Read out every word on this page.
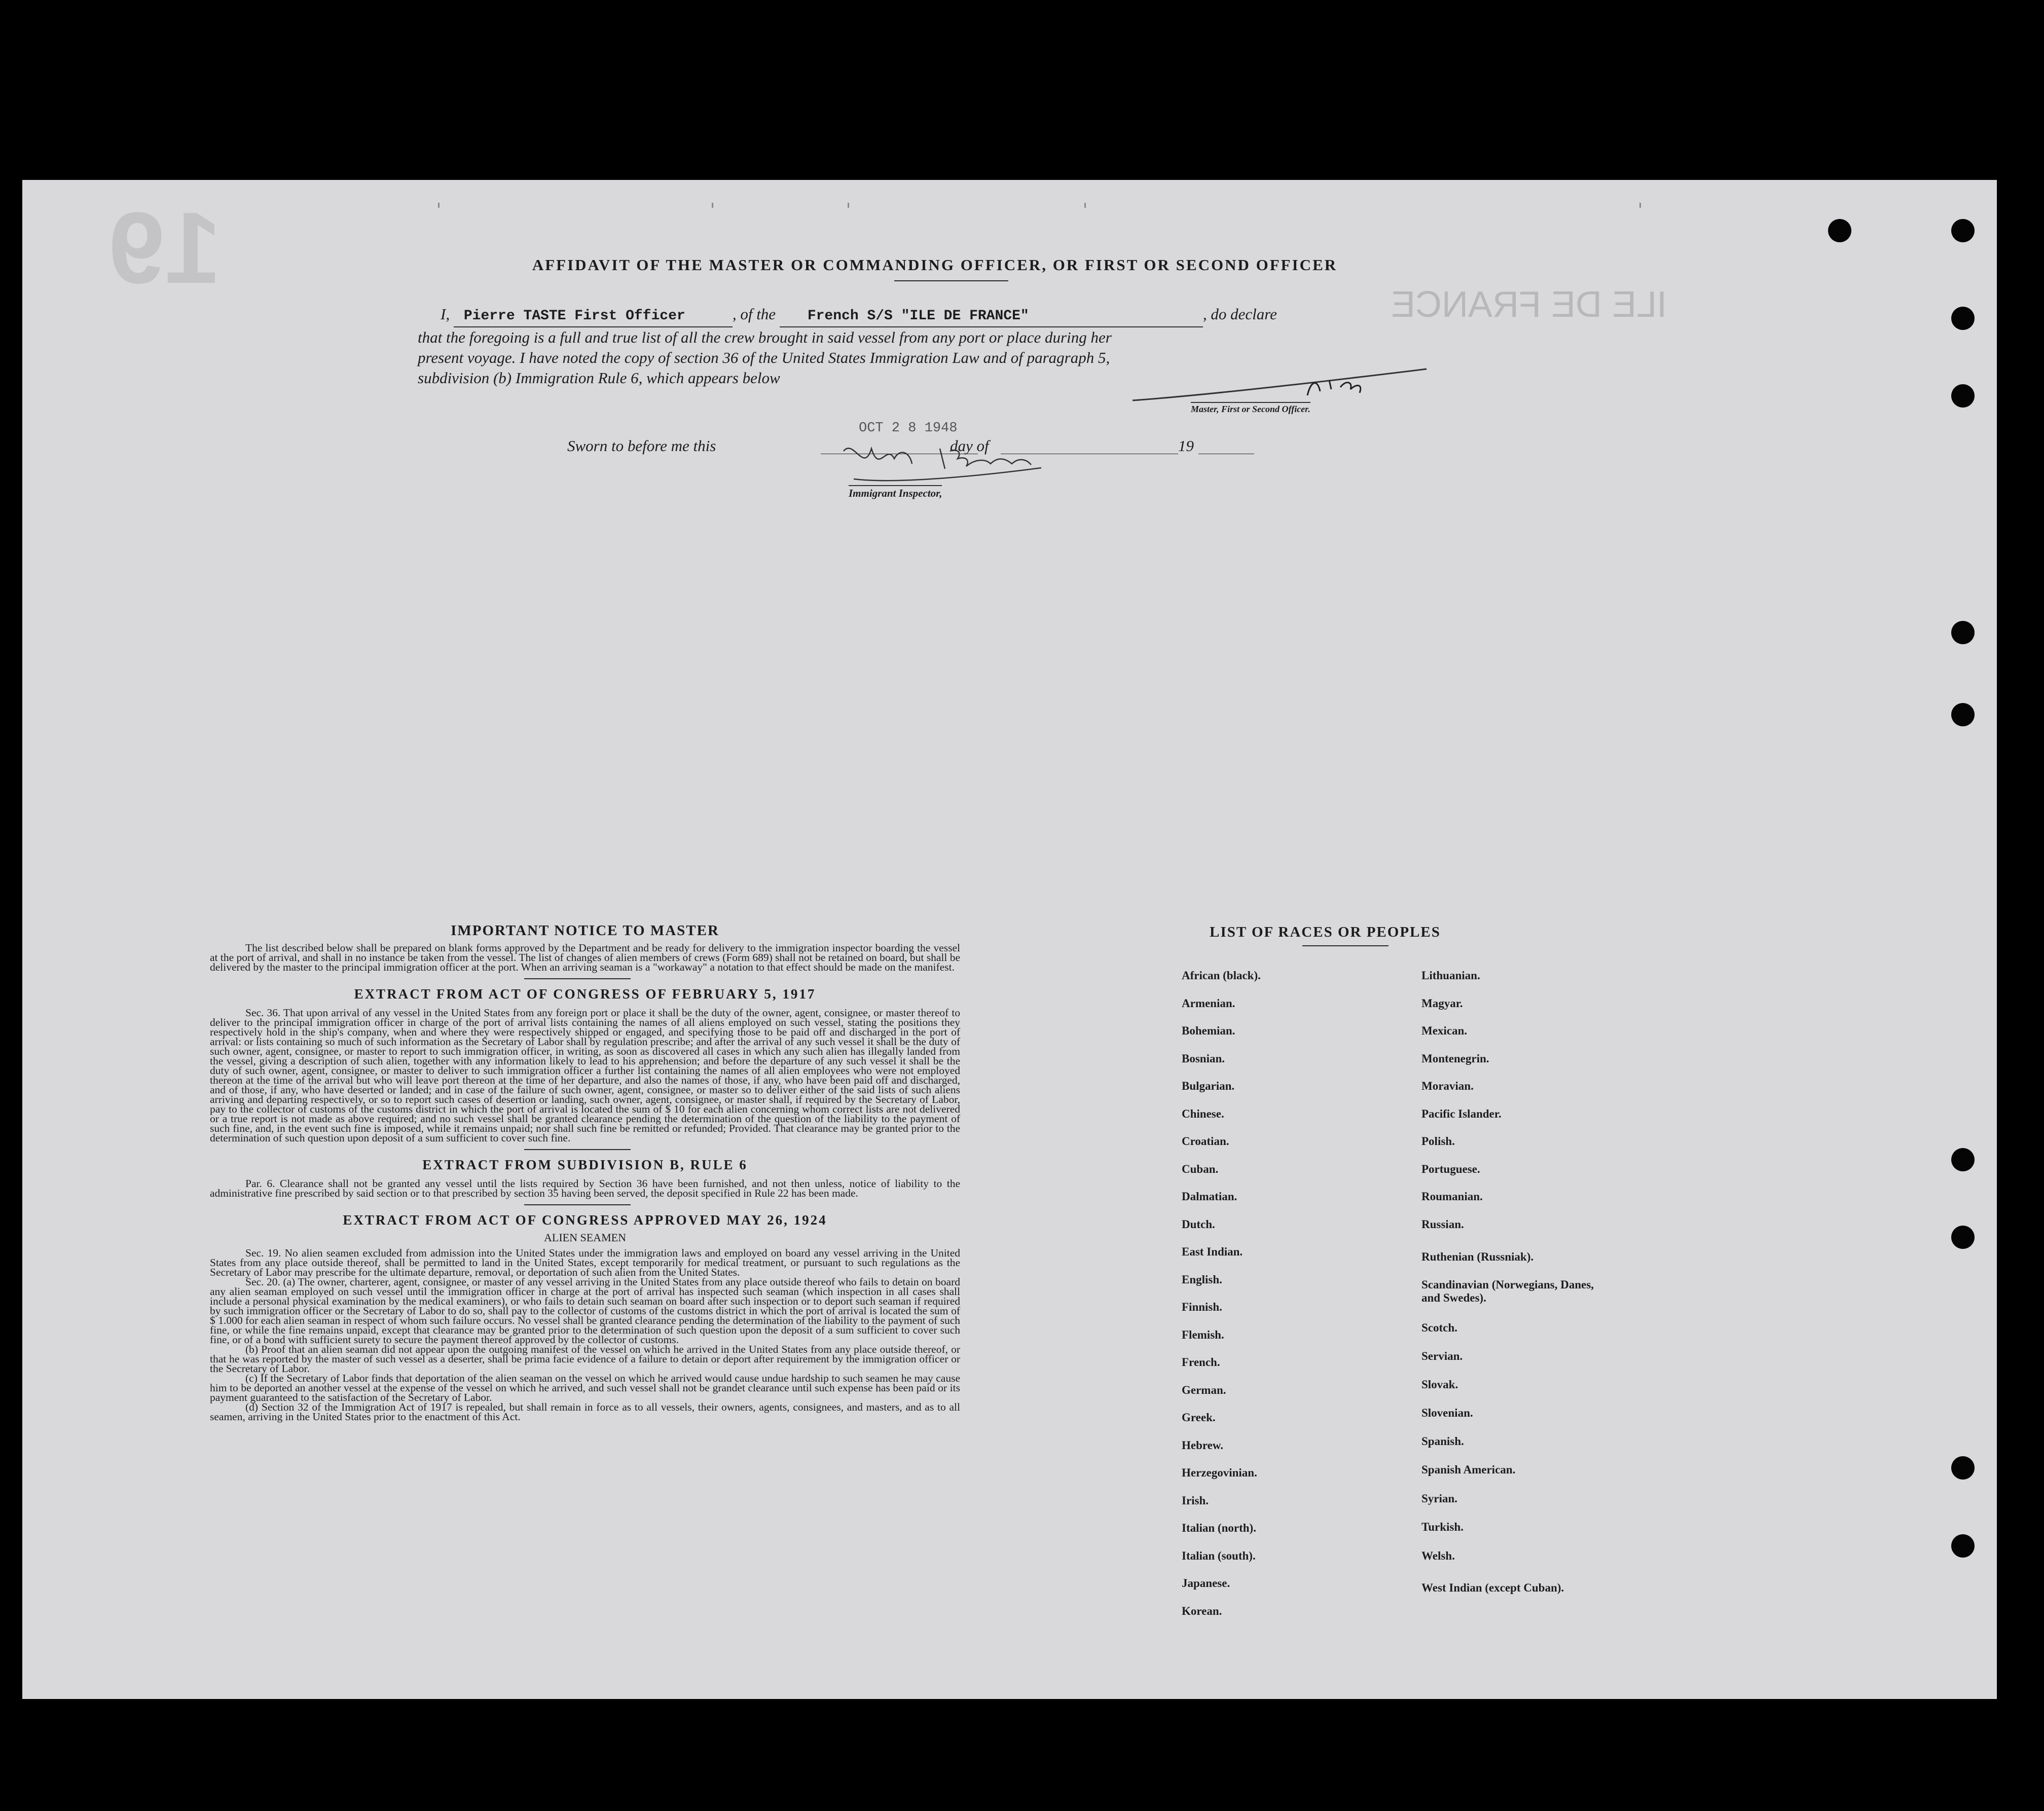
19	ILE DE FRANCE
AFFIDAVIT OF THE MASTER OR COMMANDING OFFICER, OR FIRST OR SECOND OFFICER
I, Pierre TASTE First Officer	, of the French S/S "ILE DE FRANCE"	, do declare
that the foregoing is a full and true list of all the crew brought in said vessel from any port or place during her
present voyage. I have noted the copy of section 36 of the United States Immigration Law and of paragraph 5,
subdivision (b) Immigration Rule 6, which appears below
Master, First or Second Officer.
Sworn to before me this
OCT 2 8 1948
day of	19
Immigrant Inspector,
IMPORTANT NOTICE TO MASTER
The list described below shall be prepared on blank forms approved by the Department and be ready for delivery to the immigration inspector boarding the vessel at the port of arrival, and shall in no instance be taken from the vessel. The list of changes of alien members of crews (Form 689) shall not be retained on board, but shall be delivered by the master to the principal immigration officer at the port. When an arriving seaman is a "workaway" a notation to that effect should be made on the manifest.
EXTRACT FROM ACT OF CONGRESS OF FEBRUARY 5, 1917
Sec. 36. That upon arrival of any vessel in the United States from any foreign port or place it shall be the duty of the owner, agent, consignee, or master thereof to deliver to the principal immigration officer in charge of the port of arrival lists containing the names of all aliens employed on such vessel, stating the positions they respectively hold in the ship's company, when and where they were respectively shipped or engaged, and specifying those to be paid off and discharged in the port of arrival: or lists containing so much of such information as the Secretary of Labor shall by regulation prescribe; and after the arrival of any such vessel it shall be the duty of such owner, agent, consignee, or master to report to such immigration officer, in writing, as soon as discovered all cases in which any such alien has illegally landed from the vessel, giving a description of such alien, together with any information likely to lead to his apprehension; and before the departure of any such vessel it shall be the duty of such owner, agent, consignee, or master to deliver to such immigration officer a further list containing the names of all alien employees who were not employed thereon at the time of the arrival but who will leave port thereon at the time of her departure, and also the names of those, if any, who have been paid off and discharged, and of those, if any, who have deserted or landed; and in case of the failure of such owner, agent, consignee, or master so to deliver either of the said lists of such aliens arriving and departing respectively, or so to report such cases of desertion or landing, such owner, agent, consignee, or master shall, if required by the Secretary of Labor, pay to the collector of customs of the customs district in which the port of arrival is located the sum of $ 10 for each alien concerning whom correct lists are not delivered or a true report is not made as above required; and no such vessel shall be granted clearance pending the determination of the question of the liability to the payment of such fine, and, in the event such fine is imposed, while it remains unpaid; nor shall such fine be remitted or refunded; Provided. That clearance may be granted prior to the determination of such question upon deposit of a sum sufficient to cover such fine.
EXTRACT FROM SUBDIVISION B, RULE 6
Par. 6. Clearance shall not be granted any vessel until the lists required by Section 36 have been furnished, and not then unless, notice of liability to the administrative fine prescribed by said section or to that prescribed by section 35 having been served, the deposit specified in Rule 22 has been made.
EXTRACT FROM ACT OF CONGRESS APPROVED MAY 26, 1924
ALIEN SEAMEN
Sec. 19. No alien seamen excluded from admission into the United States under the immigration laws and employed on board any vessel arriving in the United States from any place outside thereof, shall be permitted to land in the United States, except temporarily for medical treatment, or pursuant to such regulations as the Secretary of Labor may prescribe for the ultimate departure, removal, or deportation of such alien from the United States.
Sec. 20. (a) The owner, charterer, agent, consignee, or master of any vessel arriving in the United States from any place outside thereof who fails to detain on board any alien seaman employed on such vessel until the immigration officer in charge at the port of arrival has inspected such seaman (which inspection in all cases shall include a personal physical examination by the medical examiners), or who fails to detain such seaman on board after such inspection or to deport such seaman if required by such immigration officer or the Secretary of Labor to do so, shall pay to the collector of customs of the customs district in which the port of arrival is located the sum of $ 1.000 for each alien seaman in respect of whom such failure occurs. No vessel shall be granted clearance pending the determination of the liability to the payment of such fine, or while the fine remains unpaid, except that clearance may be granted prior to the determination of such question upon the deposit of a sum sufficient to cover such fine, or of a bond with sufficient surety to secure the payment thereof approved by the collector of customs.
(b) Proof that an alien seaman did not appear upon the outgoing manifest of the vessel on which he arrived in the United States from any place outside thereof, or that he was reported by the master of such vessel as a deserter, shall be prima facie evidence of a failure to detain or deport after requirement by the immigration officer or the Secretary of Labor.
(c) If the Secretary of Labor finds that deportation of the alien seaman on the vessel on which he arrived would cause undue hardship to such seamen he may cause him to be deported an another vessel at the expense of the vessel on which he arrived, and such vessel shall not be grandet clearance until such expense has been paid or its payment guaranteed to the satisfaction of the Secretary of Labor.
(d) Section 32 of the Immigration Act of 1917 is repealed, but shall remain in force as to all vessels, their owners, agents, consignees, and masters, and as to all seamen, arriving in the United States prior to the enactment of this Act.
LIST OF RACES OR PEOPLES
African (black).
Armenian.
Bohemian.
Bosnian.
Bulgarian.
Chinese.
Croatian.
Cuban.
Dalmatian.
Dutch.
East Indian.
English.
Finnish.
Flemish.
French.
German.
Greek.
Hebrew.
Herzegovinian.
Irish.
Italian (north).
Italian (south).
Japanese.
Korean.
Lithuanian.
Magyar.
Mexican.
Montenegrin.
Moravian.
Pacific Islander.
Polish.
Portuguese.
Roumanian.
Russian.
Ruthenian (Russniak).
Scandinavian (Norwegians, Danes, and Swedes).
Scotch.
Servian.
Slovak.
Slovenian.
Spanish.
Spanish American.
Syrian.
Turkish.
Welsh.
West Indian (except Cuban).
